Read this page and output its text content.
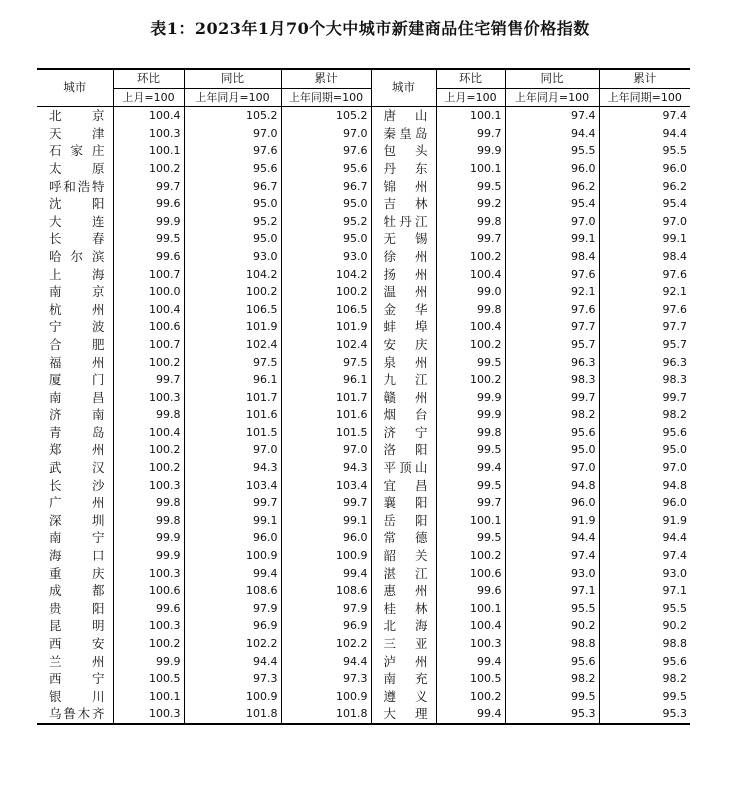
表1：2023年1月70个大中城市新建商品住宅销售价格指数
城市	环比	同比	累计	城市	环比	同比	累计
	上月=100	上年同月=100	上年同期=100		上月=100	上年同月=100	上年同期=100
北京	100.4	105.2	105.2	唐山	100.1	97.4	97.4
天津	100.3	97.0	97.0	秦皇岛	99.7	94.4	94.4
石家庄	100.1	97.6	97.6	包头	99.9	95.5	95.5
太原	100.2	95.6	95.6	丹东	100.1	96.0	96.0
呼和浩特	99.7	96.7	96.7	锦州	99.5	96.2	96.2
沈阳	99.6	95.0	95.0	吉林	99.2	95.4	95.4
大连	99.9	95.2	95.2	牡丹江	99.8	97.0	97.0
长春	99.5	95.0	95.0	无锡	99.7	99.1	99.1
哈尔滨	99.6	93.0	93.0	徐州	100.2	98.4	98.4
上海	100.7	104.2	104.2	扬州	100.4	97.6	97.6
南京	100.0	100.2	100.2	温州	99.0	92.1	92.1
杭州	100.4	106.5	106.5	金华	99.8	97.6	97.6
宁波	100.6	101.9	101.9	蚌埠	100.4	97.7	97.7
合肥	100.7	102.4	102.4	安庆	100.2	95.7	95.7
福州	100.2	97.5	97.5	泉州	99.5	96.3	96.3
厦门	99.7	96.1	96.1	九江	100.2	98.3	98.3
南昌	100.3	101.7	101.7	赣州	99.9	99.7	99.7
济南	99.8	101.6	101.6	烟台	99.9	98.2	98.2
青岛	100.4	101.5	101.5	济宁	99.8	95.6	95.6
郑州	100.2	97.0	97.0	洛阳	99.5	95.0	95.0
武汉	100.2	94.3	94.3	平顶山	99.4	97.0	97.0
长沙	100.3	103.4	103.4	宜昌	99.5	94.8	94.8
广州	99.8	99.7	99.7	襄阳	99.7	96.0	96.0
深圳	99.8	99.1	99.1	岳阳	100.1	91.9	91.9
南宁	99.9	96.0	96.0	常德	99.5	94.4	94.4
海口	99.9	100.9	100.9	韶关	100.2	97.4	97.4
重庆	100.3	99.4	99.4	湛江	100.6	93.0	93.0
成都	100.6	108.6	108.6	惠州	99.6	97.1	97.1
贵阳	99.6	97.9	97.9	桂林	100.1	95.5	95.5
昆明	100.3	96.9	96.9	北海	100.4	90.2	90.2
西安	100.2	102.2	102.2	三亚	100.3	98.8	98.8
兰州	99.9	94.4	94.4	泸州	99.4	95.6	95.6
西宁	100.5	97.3	97.3	南充	100.5	98.2	98.2
银川	100.1	100.9	100.9	遵义	100.2	99.5	99.5
乌鲁木齐	100.3	101.8	101.8	大理	99.4	95.3	95.3
